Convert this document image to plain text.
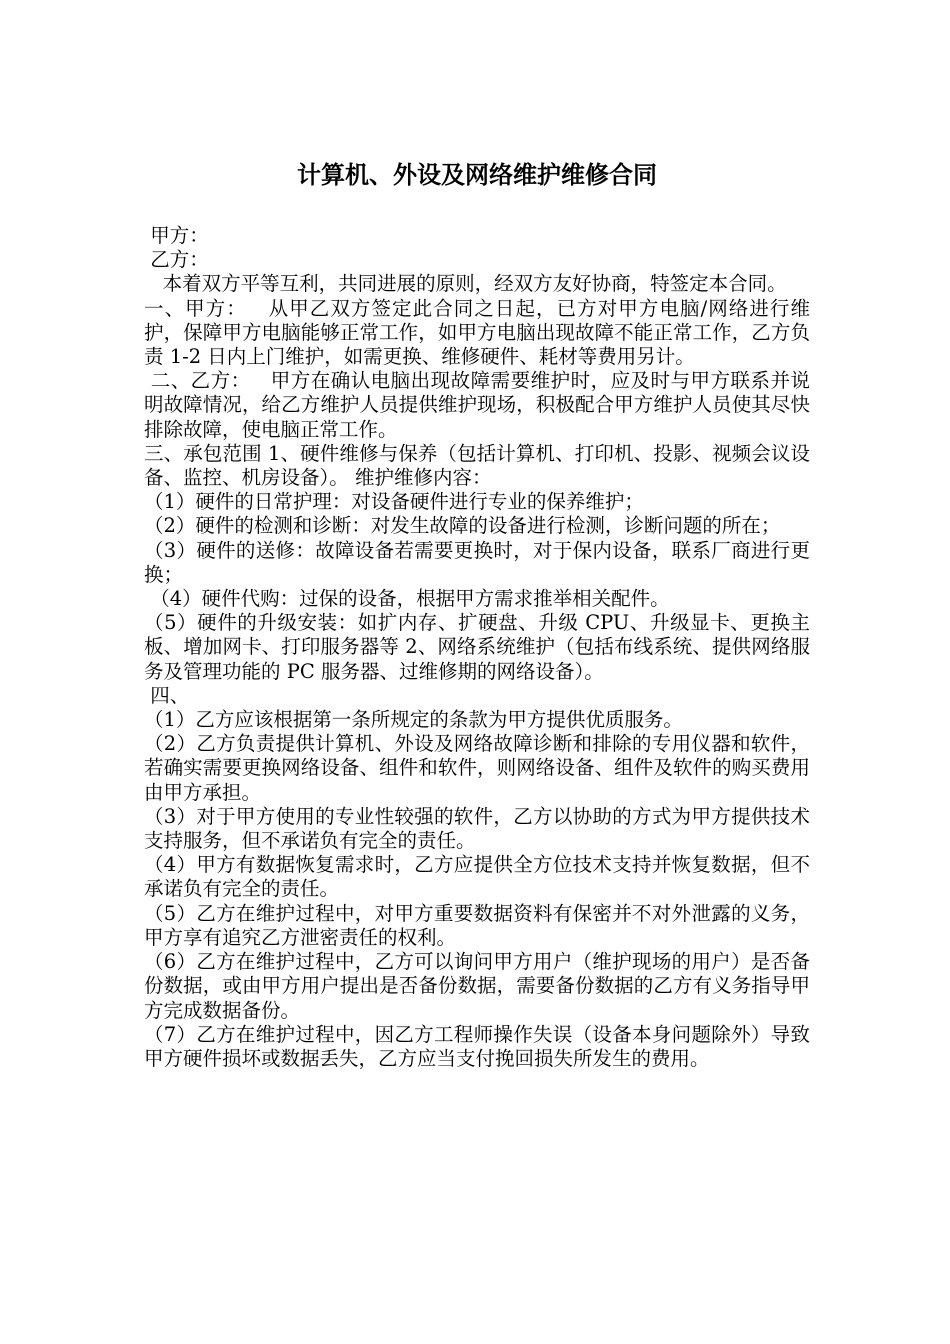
计算机、外设及网络维护维修合同

甲方：

乙方：

本着双方平等互利，共同进展的原则，经双方友好协商，特签定本合同。

一、甲方：   从甲乙双方签定此合同之日起，已方对甲方电脑/网络进行维护，保障甲方电脑能够正常工作，如甲方电脑出现故障不能正常工作，乙方负责 1-2 日内上门维护，如需更换、维修硬件、耗材等费用另计。

二、乙方：   甲方在确认电脑出现故障需要维护时，应及时与甲方联系并说明故障情况，给乙方维护人员提供维护现场，积极配合甲方维护人员使其尽快排除故障，使电脑正常工作。

三、承包范围 1、硬件维修与保养（包括计算机、打印机、投影、视频会议设备、监控、机房设备）。 维护维修内容：

（1）硬件的日常护理：对设备硬件进行专业的保养维护；

（2）硬件的检测和诊断：对发生故障的设备进行检测，诊断问题的所在；

（3）硬件的送修：故障设备若需要更换时，对于保内设备，联系厂商进行更换；

（4）硬件代购：过保的设备，根据甲方需求推举相关配件。

（5）硬件的升级安装：如扩内存、扩硬盘、升级 CPU、升级显卡、更换主板、增加网卡、打印服务器等 2、网络系统维护（包括布线系统、提供网络服务及管理功能的 PC 服务器、过维修期的网络设备）。

四、

（1）乙方应该根据第一条所规定的条款为甲方提供优质服务。

（2）乙方负责提供计算机、外设及网络故障诊断和排除的专用仪器和软件，若确实需要更换网络设备、组件和软件，则网络设备、组件及软件的购买费用由甲方承担。

（3）对于甲方使用的专业性较强的软件，乙方以协助的方式为甲方提供技术支持服务，但不承诺负有完全的责任。

（4）甲方有数据恢复需求时，乙方应提供全方位技术支持并恢复数据，但不承诺负有完全的责任。

（5）乙方在维护过程中，对甲方重要数据资料有保密并不对外泄露的义务，甲方享有追究乙方泄密责任的权利。

（6）乙方在维护过程中，乙方可以询问甲方用户（维护现场的用户）是否备份数据，或由甲方用户提出是否备份数据，需要备份数据的乙方有义务指导甲方完成数据备份。

（7）乙方在维护过程中，因乙方工程师操作失误（设备本身问题除外）导致甲方硬件损坏或数据丢失，乙方应当支付挽回损失所发生的费用。
